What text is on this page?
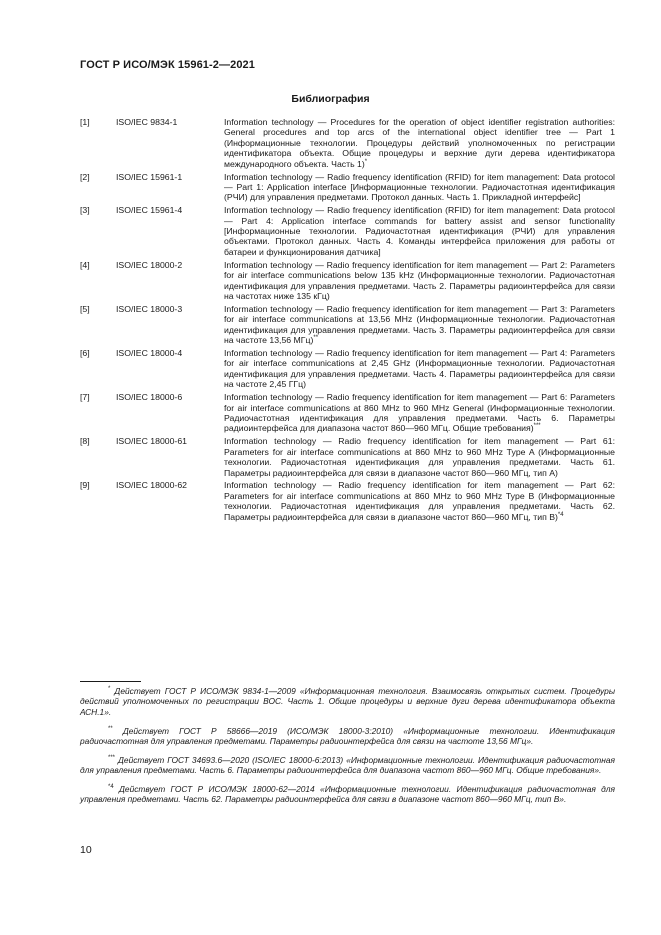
ГОСТ Р ИСО/МЭК 15961-2—2021
Библиография
[1]	ISO/IEC 9834-1	Information technology — Procedures for the operation of object identifier registration authorities: General procedures and top arcs of the international object identifier tree — Part 1 (Информационные технологии. Процедуры действий уполномоченных по регистрации идентификатора объекта. Общие процедуры и верхние дуги дерева идентификатора международного объекта. Часть 1)*
[2]	ISO/IEC 15961-1	Information technology — Radio frequency identification (RFID) for item management: Data protocol — Part 1: Application interface [Информационные технологии. Радиочастотная идентификация (РЧИ) для управления предметами. Протокол данных. Часть 1. Прикладной интерфейс]
[3]	ISO/IEC 15961-4	Information technology — Radio frequency identification (RFID) for item management: Data protocol — Part 4: Application interface commands for battery assist and sensor functionality [Информационные технологии. Радиочастотная идентификация (РЧИ) для управления объектами. Протокол данных. Часть 4. Команды интерфейса приложения для работы от батареи и функционирования датчика]
[4]	ISO/IEC 18000-2	Information technology — Radio frequency identification for item management — Part 2: Parameters for air interface communications below 135 kHz (Информационные технологии. Радиочастотная идентификация для управления предметами. Часть 2. Параметры радиоинтерфейса для связи на частотах ниже 135 кГц)
[5]	ISO/IEC 18000-3	Information technology — Radio frequency identification for item management — Part 3: Parameters for air interface communications at 13,56 MHz (Информационные технологии. Радиочастотная идентификация для управления предметами. Часть 3. Параметры радиоинтерфейса для связи на частоте 13,56 МГц)**
[6]	ISO/IEC 18000-4	Information technology — Radio frequency identification for item management — Part 4: Parameters for air interface communications at 2,45 GHz (Информационные технологии. Радиочастотная идентификация для управления предметами. Часть 4. Параметры радиоинтерфейса для связи на частоте 2,45 ГГц)
[7]	ISO/IEC 18000-6	Information technology — Radio frequency identification for item management — Part 6: Parameters for air interface communications at 860 MHz to 960 MHz General (Информационные технологии. Радиочастотная идентификация для управления предметами. Часть 6. Параметры радиоинтерфейса для диапазона частот 860—960 МГц. Общие требования)***
[8]	ISO/IEC 18000-61	Information technology — Radio frequency identification for item management — Part 61: Parameters for air interface communications at 860 MHz to 960 MHz Type A (Информационные технологии. Радиочастотная идентификация для управления предметами. Часть 61. Параметры радиоинтерфейса для связи в диапазоне частот 860—960 МГц, тип А)
[9]	ISO/IEC 18000-62	Information technology — Radio frequency identification for item management — Part 62: Parameters for air interface communications at 860 MHz to 960 MHz Type B (Информационные технологии. Радиочастотная идентификация для управления предметами. Часть 62. Параметры радиоинтерфейса для связи в диапазоне частот 860—960 МГц, тип В)$^{*4}$

* Действует ГОСТ Р ИСО/МЭК 9834-1—2009 «Информационная технология. Взаимосвязь открытых систем. Процедуры действий уполномоченных по регистрации ВОС. Часть 1. Общие процедуры и верхние дуги дерева идентификатора объекта АСН.1».

** Действует ГОСТ Р 58666—2019 (ИСО/МЭК 18000-3:2010) «Информационные технологии. Идентификация радиочастотная для управления предметами. Параметры радиоинтерфейса для связи на частоте 13,56 МГц».

*** Действует ГОСТ 34693.6—2020 (ISO/IEC 18000-6:2013) «Информационные технологии. Идентификация радиочастотная для управления предметами. Часть 6. Параметры радиоинтерфейса для диапазона частот 860—960 МГц. Общие требования».

$^{*4}$ Действует ГОСТ Р ИСО/МЭК 18000-62—2014 «Информационные технологии. Идентификация радиочастотная для управления предметами. Часть 62. Параметры радиоинтерфейса для связи в диапазоне частот 860—960 МГц, тип В».

10
